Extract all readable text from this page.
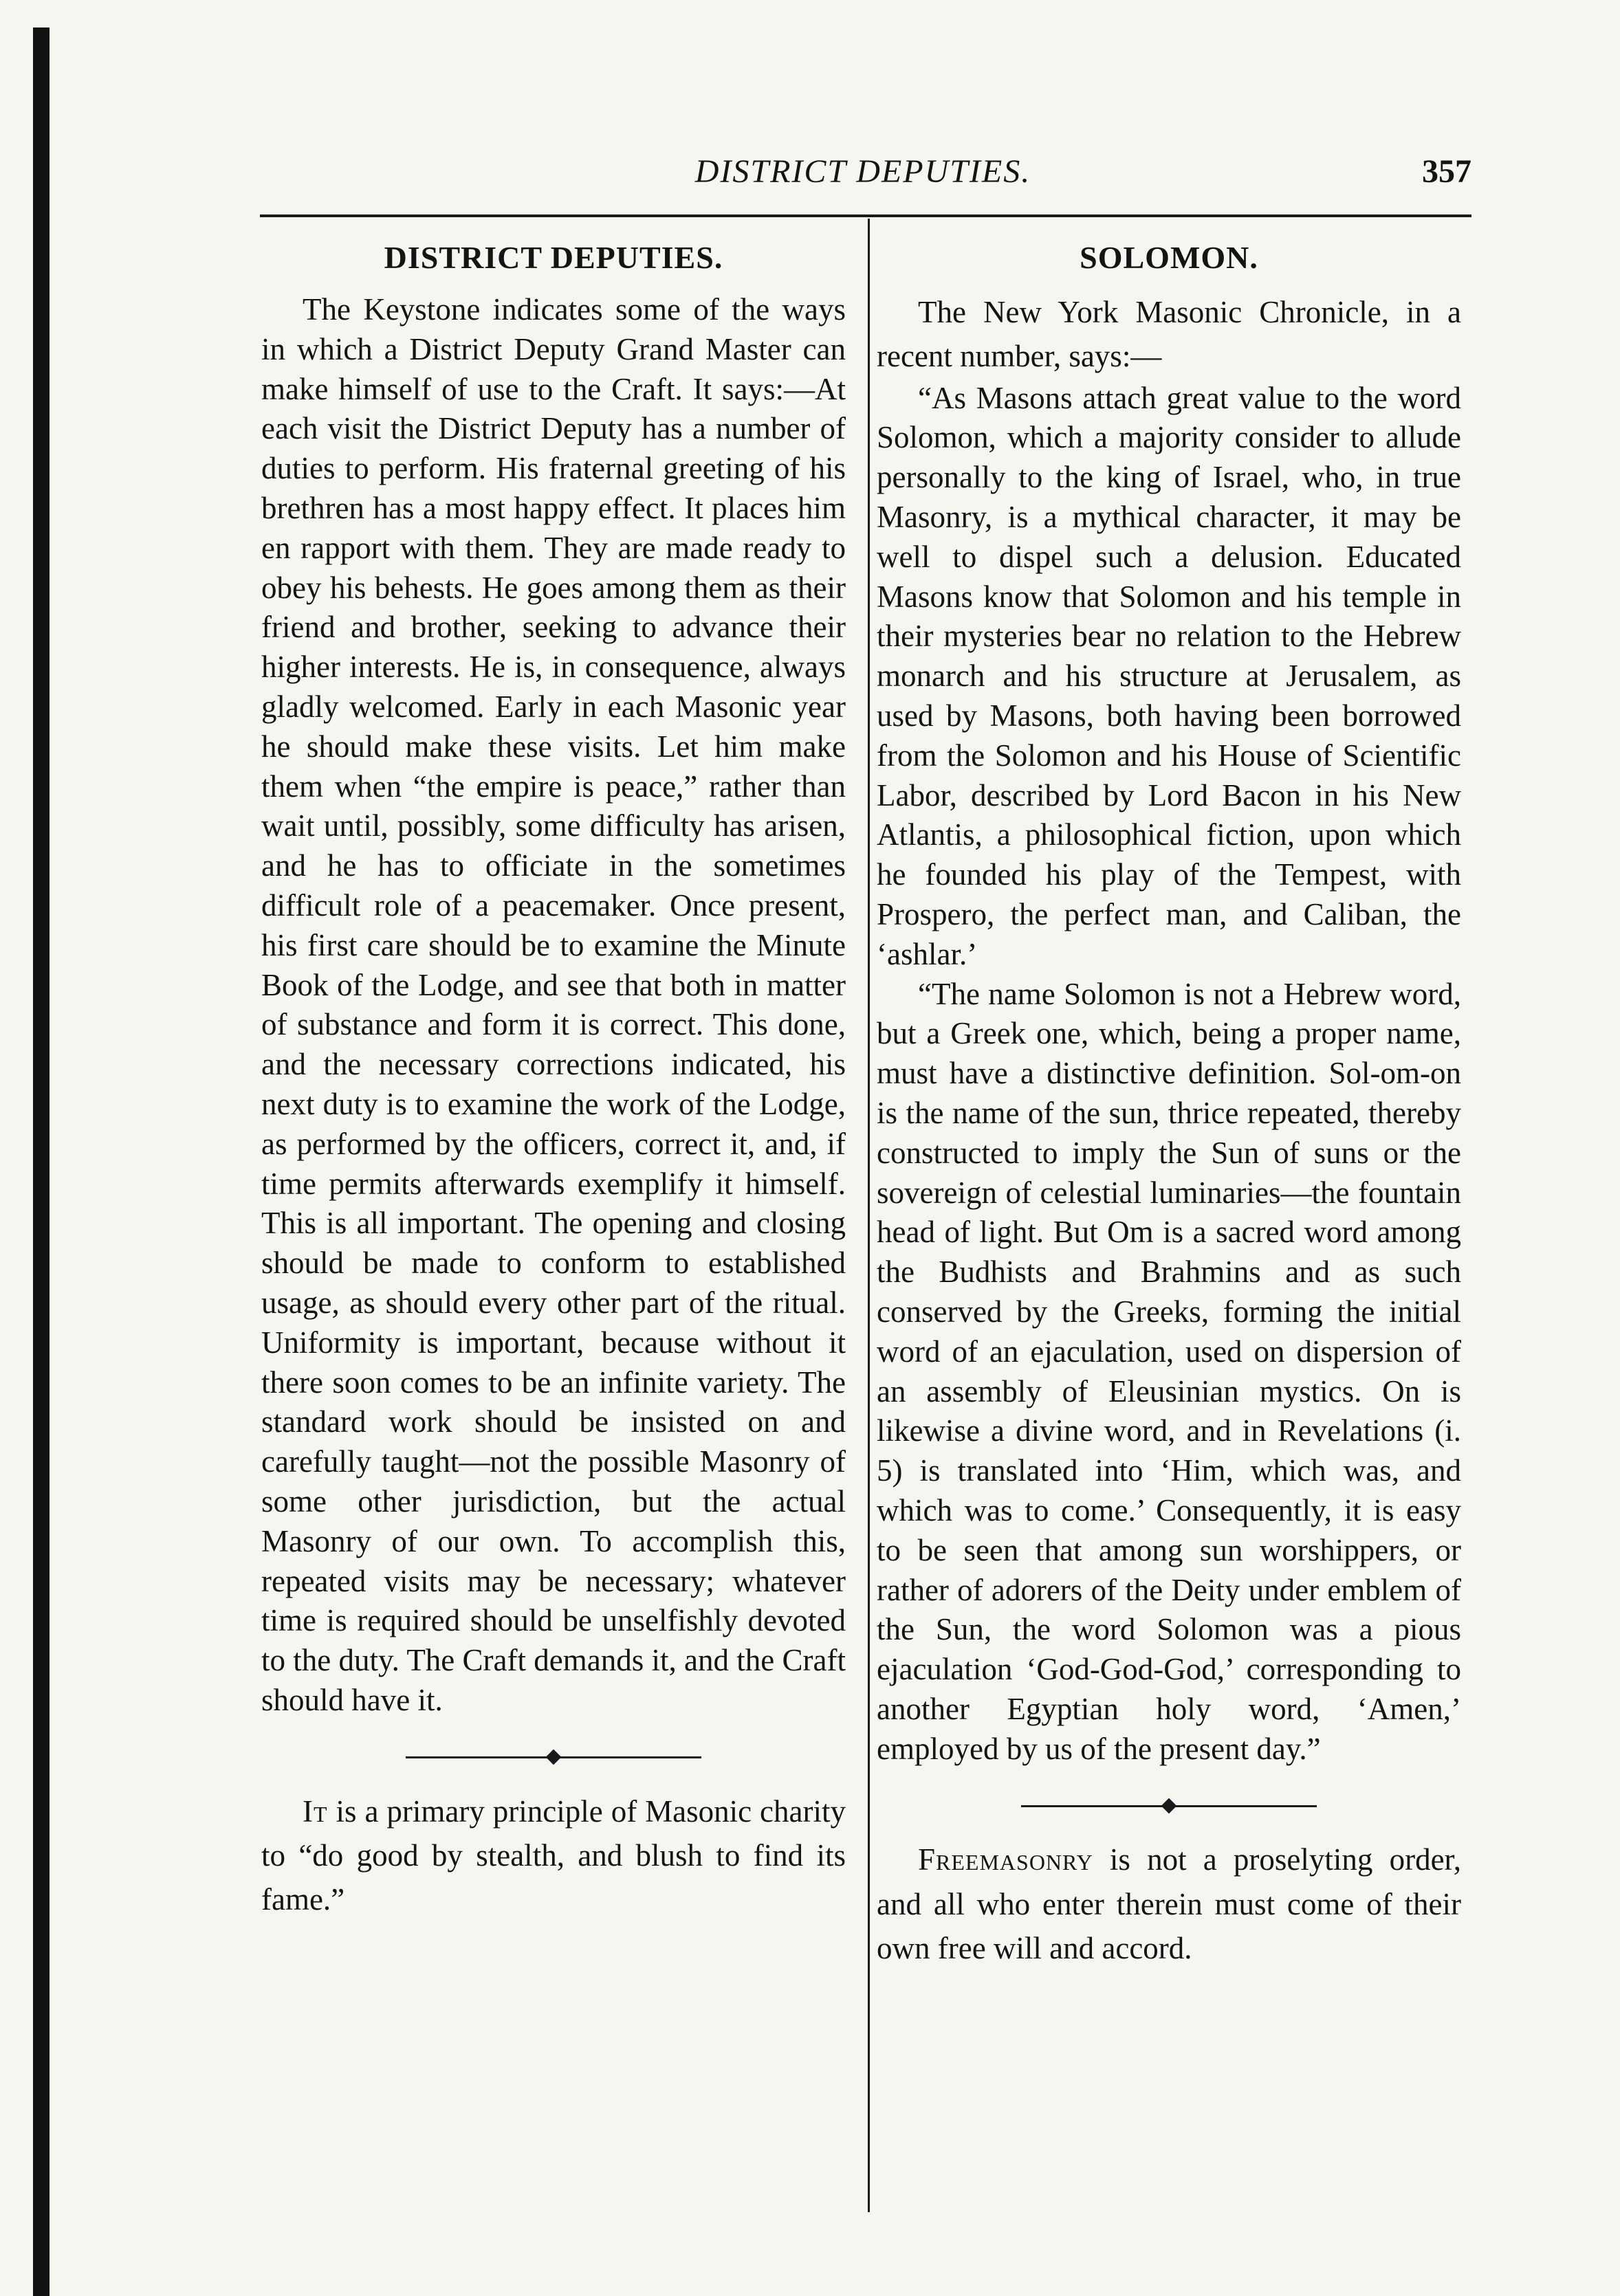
DISTRICT DEPUTIES.	357
DISTRICT DEPUTIES.

The Keystone indicates some of the ways in which a District Deputy Grand Master can make himself of use to the Craft. It says:—At each visit the District Deputy has a number of duties to perform. His fraternal greeting of his brethren has a most happy effect. It places him en rapport with them. They are made ready to obey his behests. He goes among them as their friend and brother, seeking to advance their higher interests. He is, in consequence, always gladly welcomed. Early in each Masonic year he should make these visits. Let him make them when “the empire is peace,” rather than wait until, possibly, some difficulty has arisen, and he has to officiate in the sometimes difficult role of a peacemaker. Once present, his first care should be to examine the Minute Book of the Lodge, and see that both in matter of substance and form it is correct. This done, and the necessary corrections indicated, his next duty is to examine the work of the Lodge, as performed by the officers, correct it, and, if time permits afterwards exemplify it himself. This is all important. The opening and closing should be made to conform to established usage, as should every other part of the ritual. Uniformity is important, because without it there soon comes to be an infinite variety. The standard work should be insisted on and carefully taught—not the possible Masonry of some other jurisdiction, but the actual Masonry of our own. To accomplish this, repeated visits may be necessary; whatever time is required should be unselfishly devoted to the duty. The Craft demands it, and the Craft should have it.

It is a primary principle of Masonic charity to “do good by stealth, and blush to find its fame.”

SOLOMON.

The New York Masonic Chronicle, in a recent number, says:—

“As Masons attach great value to the word Solomon, which a majority consider to allude personally to the king of Israel, who, in true Masonry, is a mythical character, it may be well to dispel such a delusion. Educated Masons know that Solomon and his temple in their mysteries bear no relation to the Hebrew monarch and his structure at Jerusalem, as used by Masons, both having been borrowed from the Solomon and his House of Scientific Labor, described by Lord Bacon in his New Atlantis, a philosophical fiction, upon which he founded his play of the Tempest, with Prospero, the perfect man, and Caliban, the ‘ashlar.’

“The name Solomon is not a Hebrew word, but a Greek one, which, being a proper name, must have a distinctive definition. Sol-om-on is the name of the sun, thrice repeated, thereby constructed to imply the Sun of suns or the sovereign of celestial luminaries—the fountain head of light. But Om is a sacred word among the Budhists and Brahmins and as such conserved by the Greeks, forming the initial word of an ejaculation, used on dispersion of an assembly of Eleusinian mystics. On is likewise a divine word, and in Revelations (i. 5) is translated into ‘Him, which was, and which was to come.’ Consequently, it is easy to be seen that among sun worshippers, or rather of adorers of the Deity under emblem of the Sun, the word Solomon was a pious ejaculation ‘God-God-God,’ corresponding to another Egyptian holy word, ‘Amen,’ employed by us of the present day.”

Freemasonry is not a proselyting order, and all who enter therein must come of their own free will and accord.
